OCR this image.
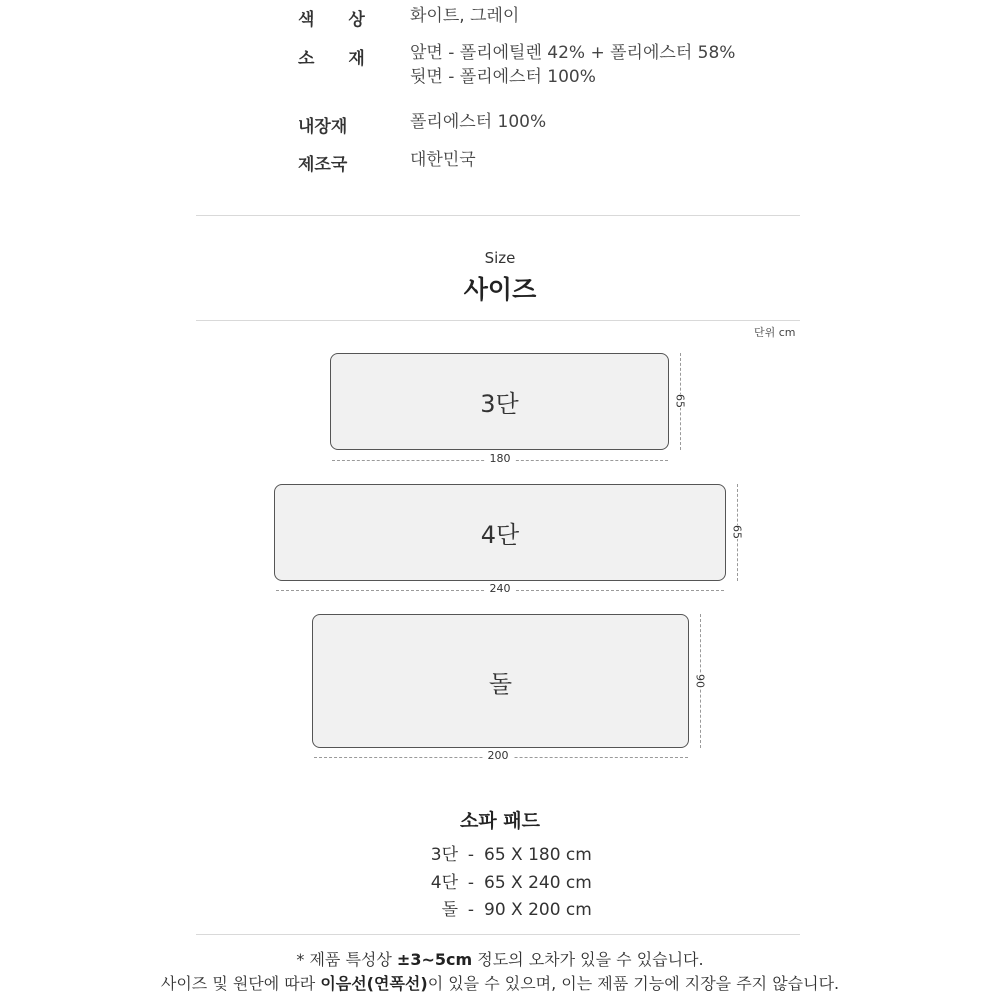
색 상 화이트, 그레이
소 재 앞면 - 폴리에틸렌 42% + 폴리에스터 58%
뒷면 - 폴리에스터 100%
내장재	폴리에스터 100%
제조국	대한민국
Size
사이즈
단위 cm
3단
180
65
4단
240
65
돌
200
90
소파 패드
3단 - 65 X 180 cm
4단 - 65 X 240 cm
돌 - 90 X 200 cm
* 제품 특성상 ±3~5cm 정도의 오차가 있을 수 있습니다.
사이즈 및 원단에 따라 이음선(연폭선)이 있을 수 있으며, 이는 제품 기능에 지장을 주지 않습니다.
